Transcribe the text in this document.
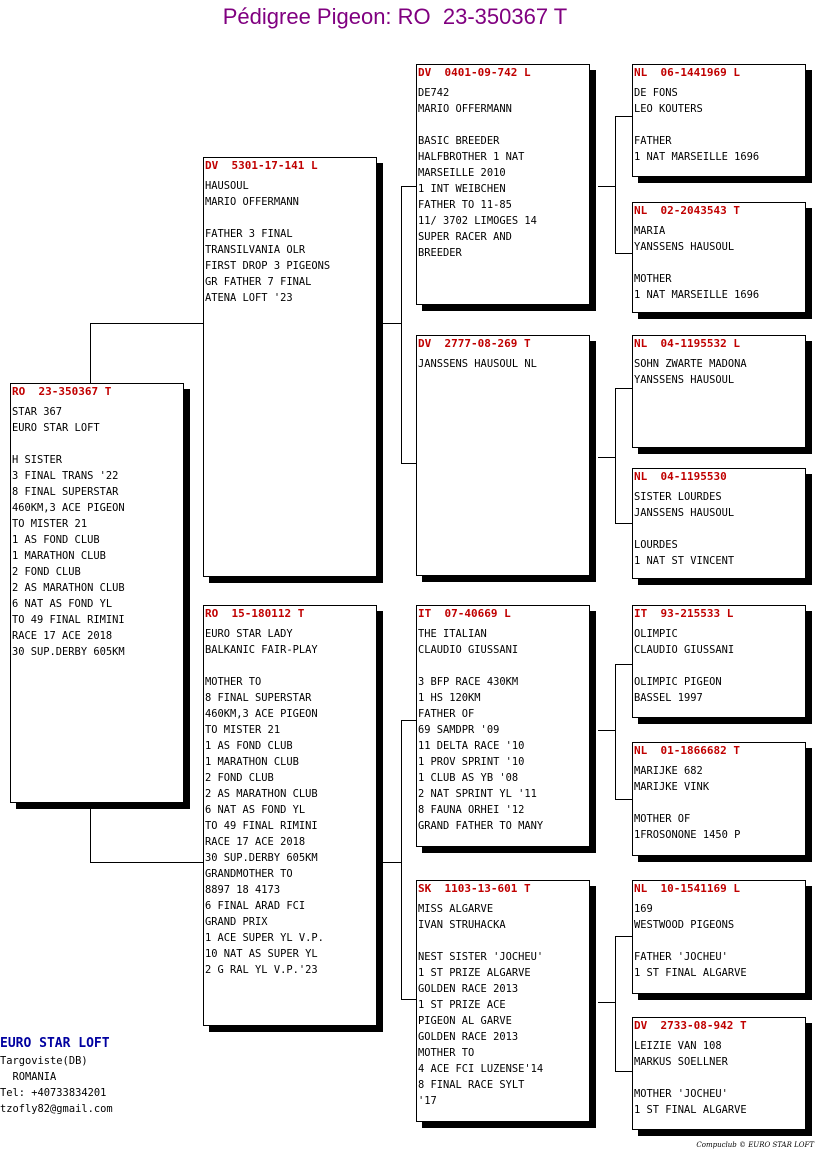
Pédigree Pigeon: RO  23-350367 T
RO  23-350367 T
STAR 367
EURO STAR LOFT

H SISTER
3 FINAL TRANS '22
8 FINAL SUPERSTAR
460KM,3 ACE PIGEON
TO MISTER 21
1 AS FOND CLUB
1 MARATHON CLUB
2 FOND CLUB
2 AS MARATHON CLUB
6 NAT AS FOND YL
TO 49 FINAL RIMINI
RACE 17 ACE 2018
30 SUP.DERBY 605KM
DV  5301-17-141 L
HAUSOUL
MARIO OFFERMANN

FATHER 3 FINAL
TRANSILVANIA OLR
FIRST DROP 3 PIGEONS
GR FATHER 7 FINAL
ATENA LOFT '23
RO  15-180112 T
EURO STAR LADY
BALKANIC FAIR-PLAY

MOTHER TO
8 FINAL SUPERSTAR
460KM,3 ACE PIGEON
TO MISTER 21
1 AS FOND CLUB
1 MARATHON CLUB
2 FOND CLUB
2 AS MARATHON CLUB
6 NAT AS FOND YL
TO 49 FINAL RIMINI
RACE 17 ACE 2018
30 SUP.DERBY 605KM
GRANDMOTHER TO
8897 18 4173
6 FINAL ARAD FCI
GRAND PRIX
1 ACE SUPER YL V.P.
10 NAT AS SUPER YL
2 G RAL YL V.P.'23
DV  0401-09-742 L
DE742
MARIO OFFERMANN

BASIC BREEDER
HALFBROTHER 1 NAT
MARSEILLE 2010
1 INT WEIBCHEN
FATHER TO 11-85
11/ 3702 LIMOGES 14
SUPER RACER AND
BREEDER
DV  2777-08-269 T
JANSSENS HAUSOUL NL
IT  07-40669 L
THE ITALIAN
CLAUDIO GIUSSANI

3 BFP RACE 430KM
1 HS 120KM
FATHER OF
69 SAMDPR '09
11 DELTA RACE '10
1 PROV SPRINT '10
1 CLUB AS YB '08
2 NAT SPRINT YL '11
8 FAUNA ORHEI '12
GRAND FATHER TO MANY
SK  1103-13-601 T
MISS ALGARVE
IVAN STRUHACKA

NEST SISTER 'JOCHEU'
1 ST PRIZE ALGARVE
GOLDEN RACE 2013
1 ST PRIZE ACE
PIGEON AL GARVE
GOLDEN RACE 2013
MOTHER TO
4 ACE FCI LUZENSE'14
8 FINAL RACE SYLT
'17
NL  06-1441969 L
DE FONS
LEO KOUTERS

FATHER
1 NAT MARSEILLE 1696
NL  02-2043543 T
MARIA
YANSSENS HAUSOUL

MOTHER
1 NAT MARSEILLE 1696
NL  04-1195532 L
SOHN ZWARTE MADONA
YANSSENS HAUSOUL
NL  04-1195530
SISTER LOURDES
JANSSENS HAUSOUL

LOURDES
1 NAT ST VINCENT
IT  93-215533 L
OLIMPIC
CLAUDIO GIUSSANI

OLIMPIC PIGEON
BASSEL 1997
NL  01-1866682 T
MARIJKE 682
MARIJKE VINK

MOTHER OF
1FROSONONE 1450 P
NL  10-1541169 L
169
WESTWOOD PIGEONS

FATHER 'JOCHEU'
1 ST FINAL ALGARVE
DV  2733-08-942 T
LEIZIE VAN 108
MARKUS SOELLNER

MOTHER 'JOCHEU'
1 ST FINAL ALGARVE
EURO STAR LOFT
Targoviste(DB)
ROMANIA
Tel: +40733834201
tzofly82@gmail.com
Compuclub © EURO STAR LOFT
